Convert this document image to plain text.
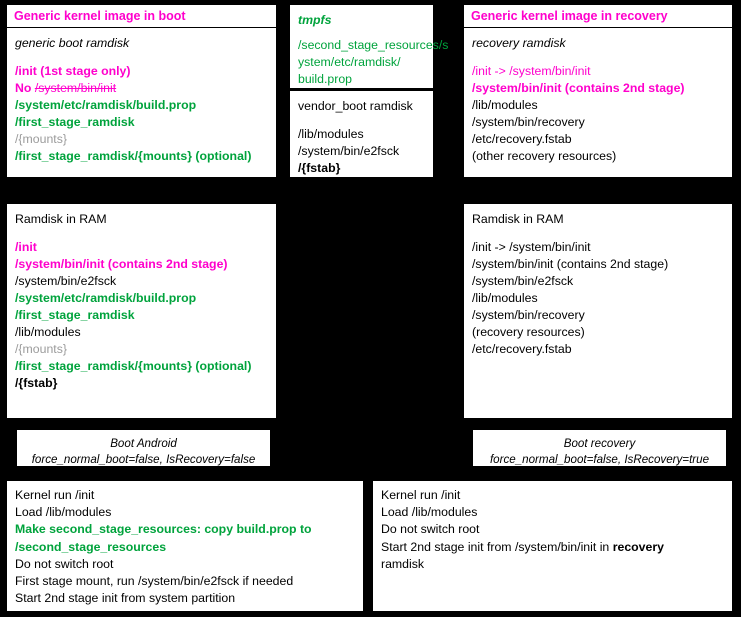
Generic kernel image in boot
generic boot ramdisk
/init (1st stage only)
No /system/bin/init
/system/etc/ramdisk/build.prop
/first_stage_ramdisk
/{mounts}
/first_stage_ramdisk/{mounts} (optional)
tmpfs
/second_stage_resources/s
ystem/etc/ramdisk/
build.prop
vendor_boot ramdisk
/lib/modules
/system/bin/e2fsck
/{fstab}
Generic kernel image in recovery
recovery ramdisk
/init -> /system/bin/init
/system/bin/init (contains 2nd stage)
/lib/modules
/system/bin/recovery
/etc/recovery.fstab
(other recovery resources)
Ramdisk in RAM
/init
/system/bin/init (contains 2nd stage)
/system/bin/e2fsck
/system/etc/ramdisk/build.prop
/first_stage_ramdisk
/lib/modules
/{mounts}
/first_stage_ramdisk/{mounts} (optional)
/{fstab}
Ramdisk in RAM
/init -> /system/bin/init
/system/bin/init (contains 2nd stage)
/system/bin/e2fsck
/lib/modules
/system/bin/recovery
(recovery resources)
/etc/recovery.fstab
Boot Android
force_normal_boot=false, IsRecovery=false
Boot recovery
force_normal_boot=false, IsRecovery=true
Kernel run /init
Load /lib/modules
Make second_stage_resources: copy build.prop to
/second_stage_resources
Do not switch root
First stage mount, run /system/bin/e2fsck if needed
Start 2nd stage init from system partition
Kernel run /init
Load /lib/modules
Do not switch root
Start 2nd stage init from /system/bin/init in recovery
ramdisk
